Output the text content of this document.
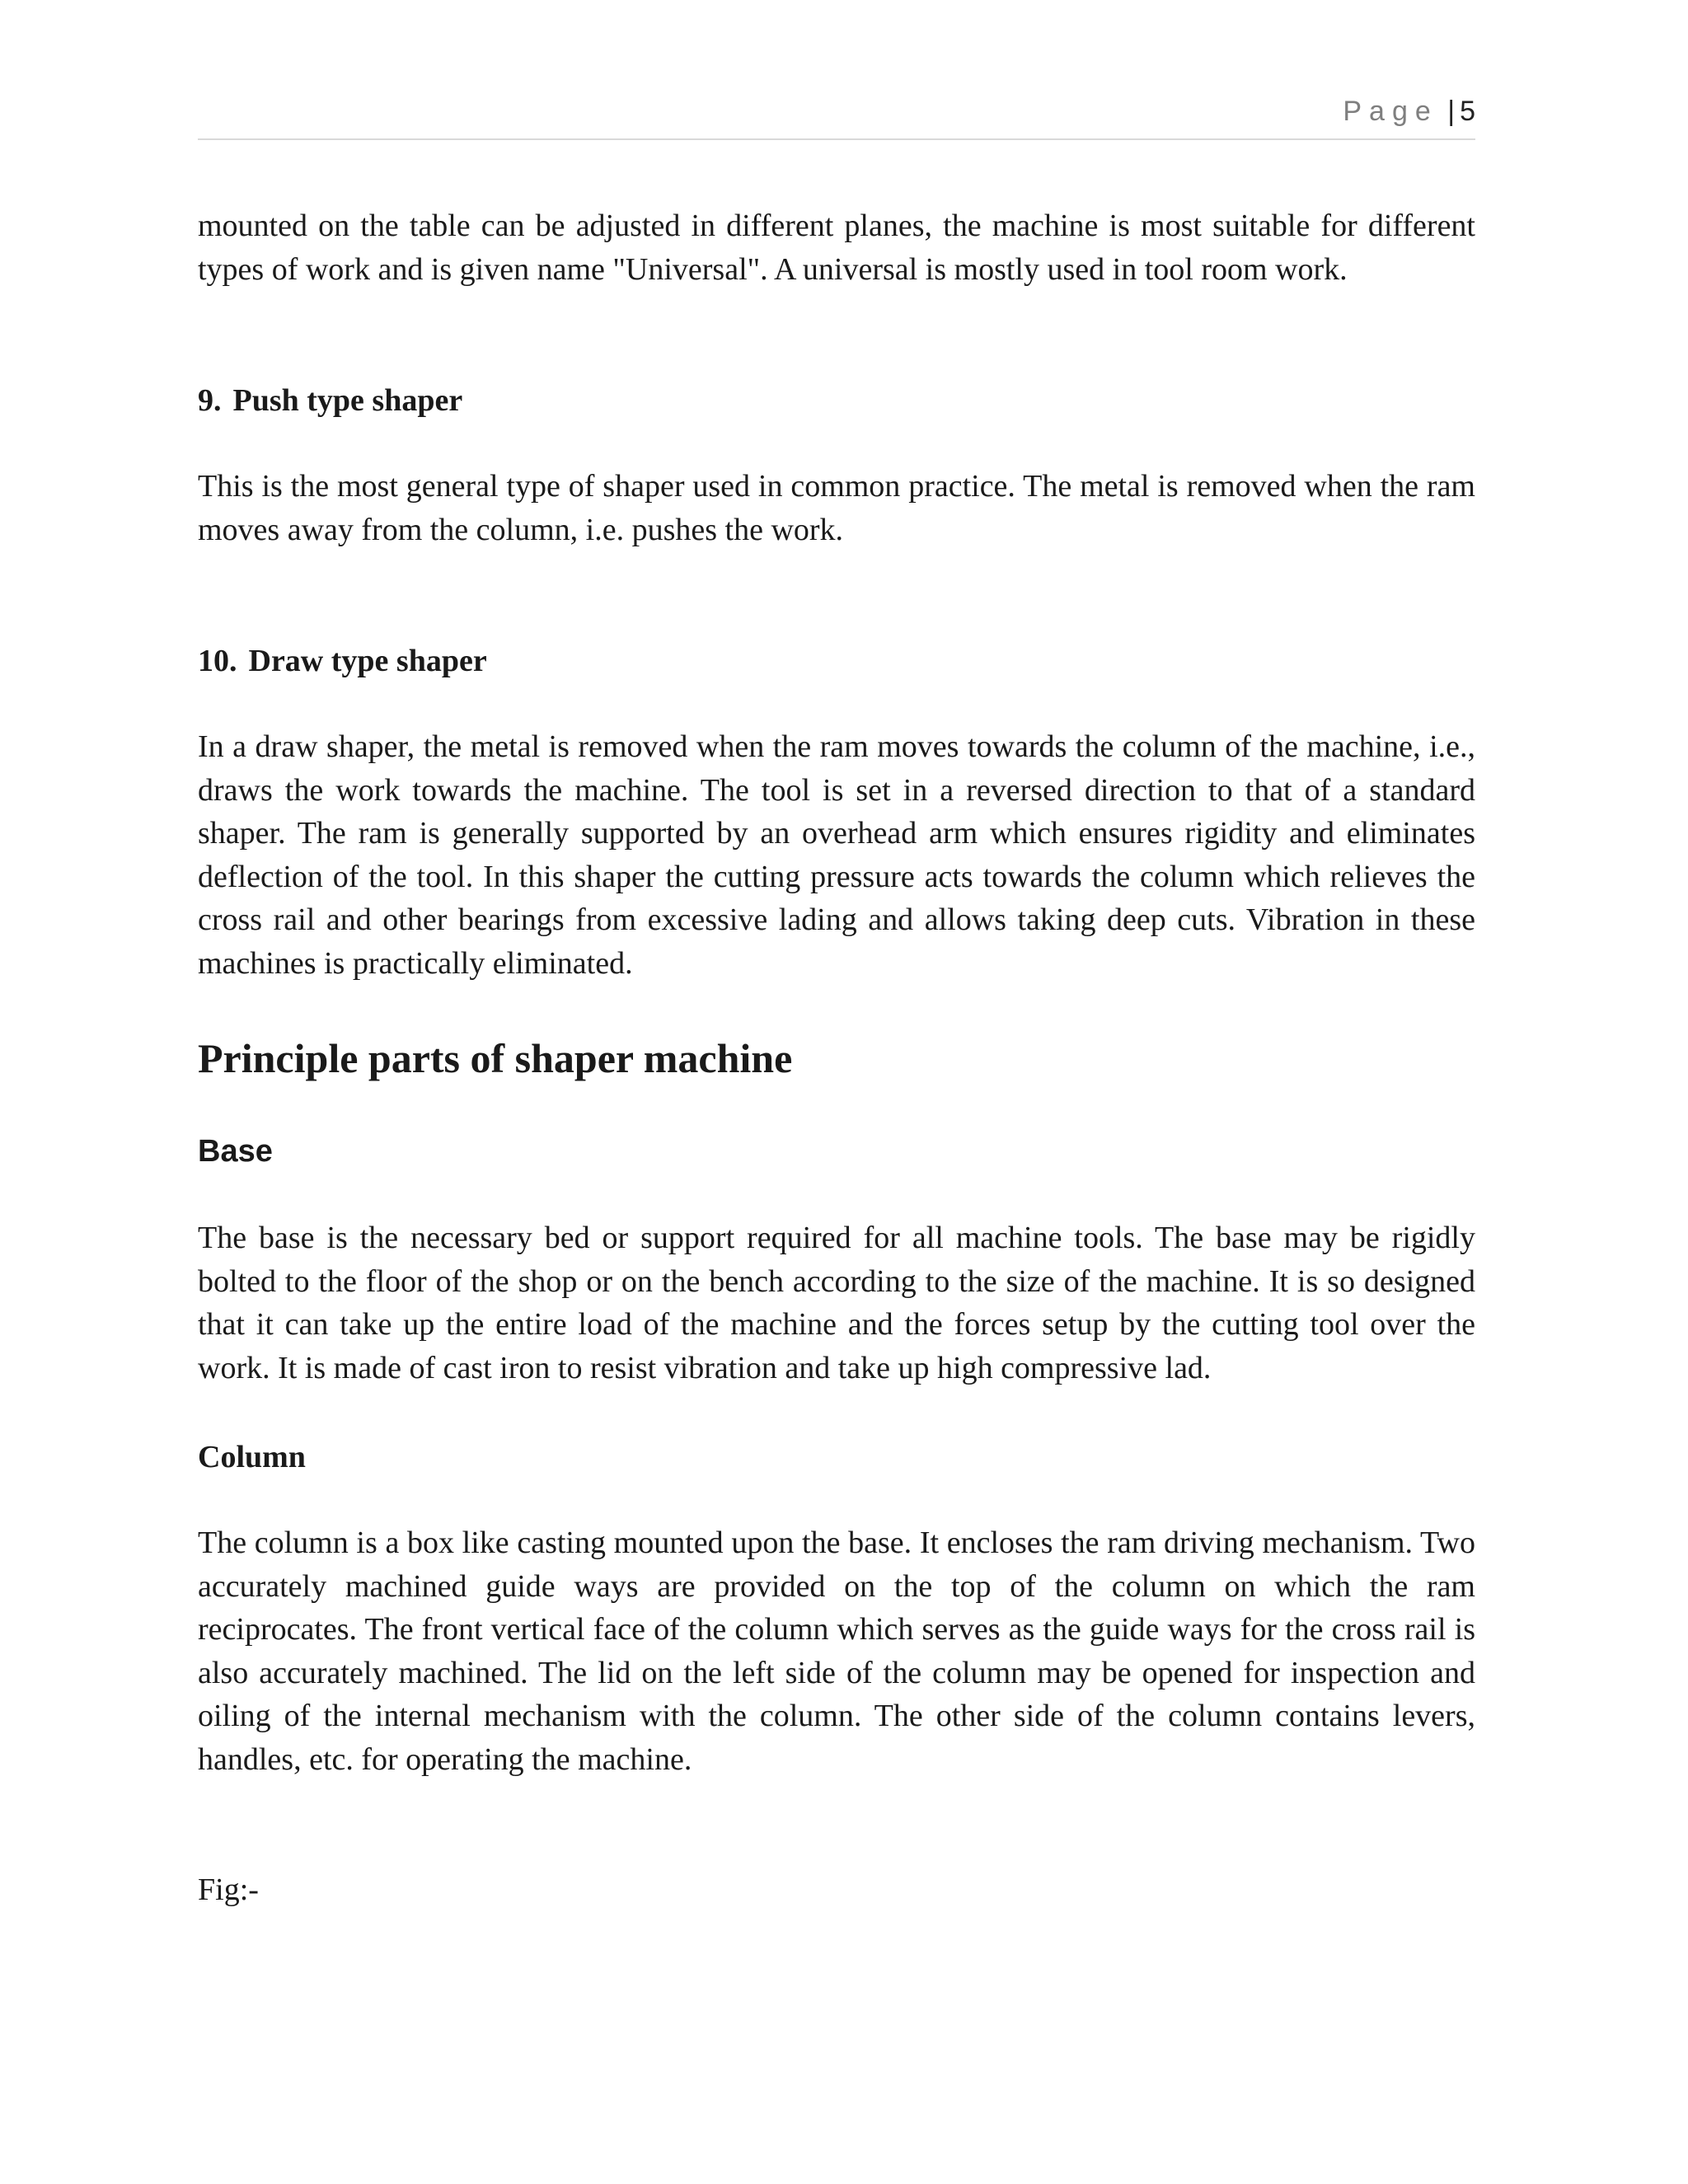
Page | 5

mounted on the table can be adjusted in different planes, the machine is most suitable for different types of work and is given name "Universal". A universal is mostly used in tool room work.

9. Push type shaper

This is the most general type of shaper used in common practice. The metal is removed when the ram moves away from the column, i.e. pushes the work.

10. Draw type shaper

In a draw shaper, the metal is removed when the ram moves towards the column of the machine, i.e., draws the work towards the machine. The tool is set in a reversed direction to that of a standard shaper. The ram is generally supported by an overhead arm which ensures rigidity and eliminates deflection of the tool. In this shaper the cutting pressure acts towards the column which relieves the cross rail and other bearings from excessive lading and allows taking deep cuts. Vibration in these machines is practically eliminated.

Principle parts of shaper machine
Base

The base is the necessary bed or support required for all machine tools. The base may be rigidly bolted to the floor of the shop or on the bench according to the size of the machine. It is so designed that it can take up the entire load of the machine and the forces setup by the cutting tool over the work. It is made of cast iron to resist vibration and take up high compressive lad.

Column

The column is a box like casting mounted upon the base. It encloses the ram driving mechanism. Two accurately machined guide ways are provided on the top of the column on which the ram reciprocates. The front vertical face of the column which serves as the guide ways for the cross rail is also accurately machined. The lid on the left side of the column may be opened for inspection and oiling of the internal mechanism with the column. The other side of the column contains levers, handles, etc. for operating the machine.

Fig:-
